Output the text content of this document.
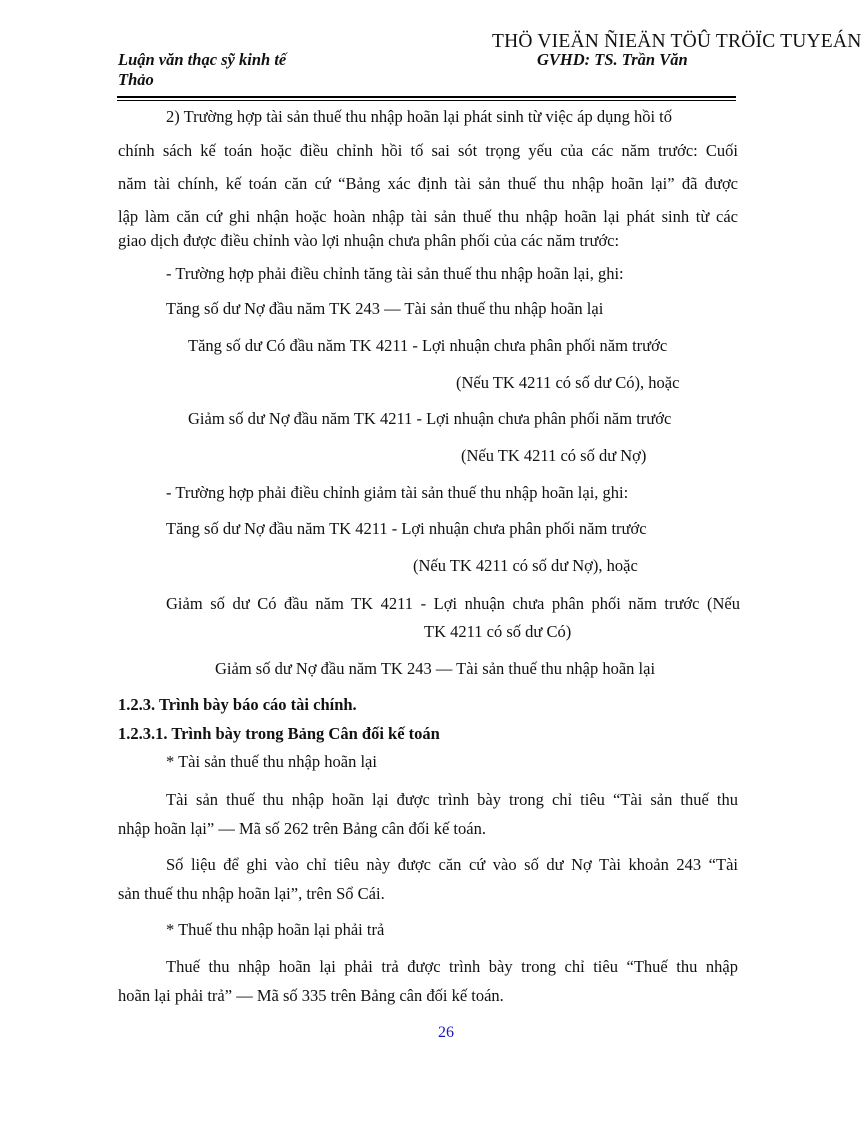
THÖ VIEÄN ÑIEÄN TÖÛ TRÖÏC TUYEÁN
Luận văn thạc sỹ kinh tế
Thảo
GVHD: TS. Trần Văn
2) Trường hợp tài sản thuế thu nhập hoãn lại phát sinh từ việc áp dụng hồi tố
chính sách kế toán hoặc điều chỉnh hồi tố sai sót trọng yếu của các năm trước: Cuối
năm tài chính, kế toán căn cứ “Bảng xác định tài sản thuế thu nhập hoãn lại” đã được
lập làm căn cứ ghi nhận hoặc hoàn nhập tài sản thuế thu nhập hoãn lại phát sinh từ các
giao dịch được điều chỉnh vào lợi nhuận chưa phân phối của các năm trước:
- Trường hợp phải điều chỉnh tăng tài sản thuế thu nhập hoãn lại, ghi:
Tăng số dư Nợ đầu năm TK 243 — Tài sản thuế thu nhập hoãn lại
Tăng số dư Có đầu năm TK 4211 - Lợi nhuận chưa phân phối năm trước
(Nếu TK 4211 có số dư Có), hoặc
Giảm số dư Nợ đầu năm TK 4211 - Lợi nhuận chưa phân phối năm trước
(Nếu TK 4211 có số dư Nợ)
- Trường hợp phải điều chỉnh giảm tài sản thuế thu nhập hoãn lại, ghi:
Tăng số dư Nợ đầu năm TK 4211 - Lợi nhuận chưa phân phối năm trước
(Nếu TK 4211 có số dư Nợ), hoặc
Giảm số dư Có đầu năm TK 4211 - Lợi nhuận chưa phân phối năm trước (Nếu
TK 4211 có số dư Có)
Giảm số dư Nợ đầu năm TK 243 — Tài sản thuế thu nhập hoãn lại
1.2.3. Trình bày báo cáo tài chính.
1.2.3.1. Trình bày trong Bảng Cân đối kế toán
* Tài sản thuế thu nhập hoãn lại
Tài sản thuế thu nhập hoãn lại được trình bày trong chỉ tiêu “Tài sản thuế thu
nhập hoãn lại” — Mã số 262 trên Bảng cân đối kế toán.
Số liệu để ghi vào chỉ tiêu này được căn cứ vào số dư Nợ Tài khoản 243 “Tài
sản thuế thu nhập hoãn lại”, trên Sổ Cái.
* Thuế thu nhập hoãn lại phải trả
Thuế thu nhập hoãn lại phải trả được trình bày trong chỉ tiêu “Thuế thu nhập
hoãn lại phải trả” — Mã số 335 trên Bảng cân đối kế toán.
26
